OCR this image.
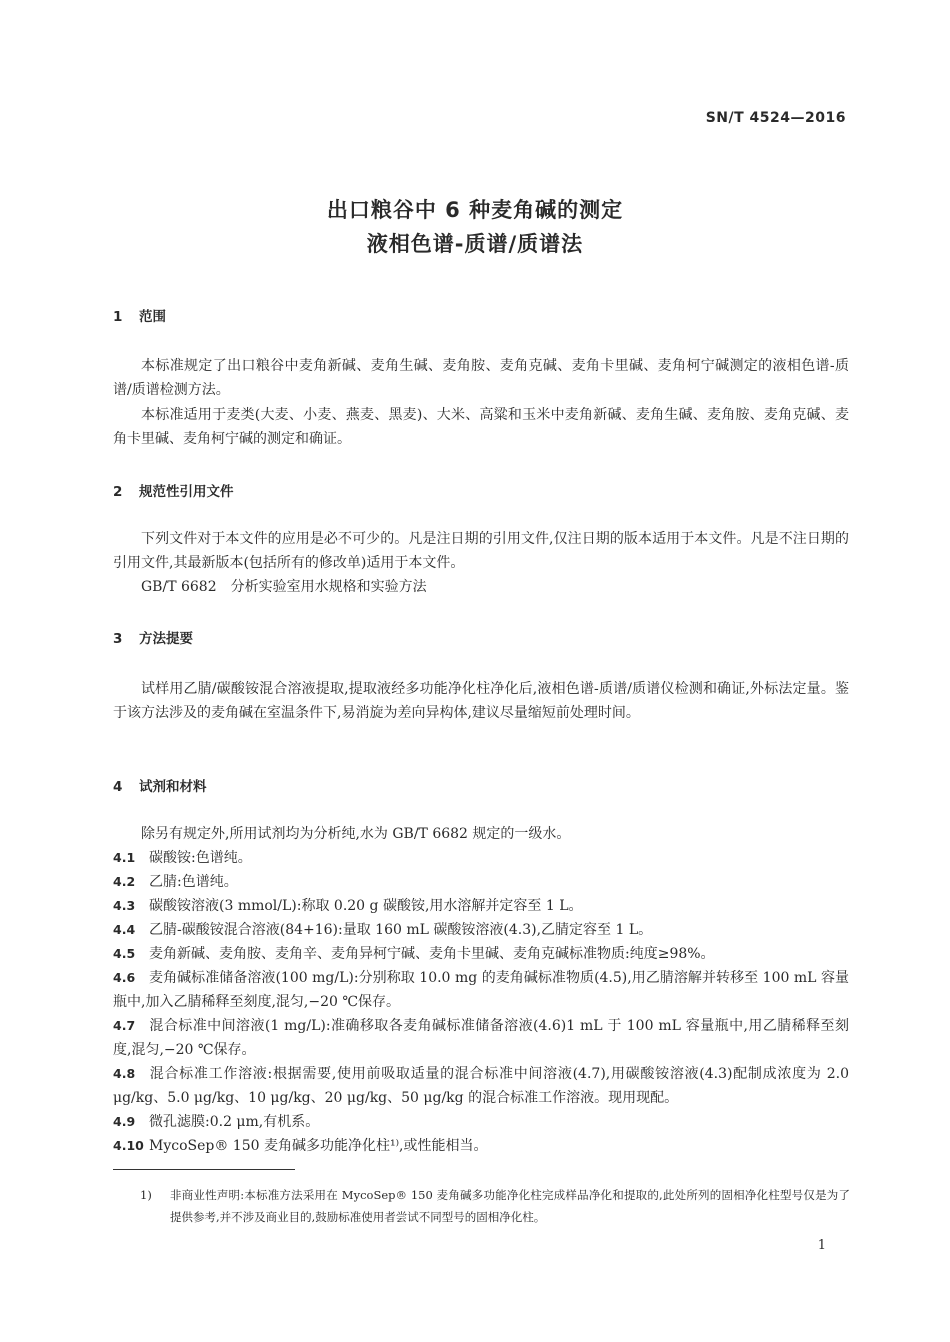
SN/T 4524—2016
出口粮谷中 6 种麦角碱的测定
液相色谱-质谱/质谱法
1 范围
本标准规定了出口粮谷中麦角新碱、麦角生碱、麦角胺、麦角克碱、麦角卡里碱、麦角柯宁碱测定的液相色谱-质谱/质谱检测方法。
本标准适用于麦类(大麦、小麦、燕麦、黑麦)、大米、高粱和玉米中麦角新碱、麦角生碱、麦角胺、麦角克碱、麦角卡里碱、麦角柯宁碱的测定和确证。
2 规范性引用文件
下列文件对于本文件的应用是必不可少的。凡是注日期的引用文件,仅注日期的版本适用于本文件。凡是不注日期的引用文件,其最新版本(包括所有的修改单)适用于本文件。
GB/T 6682　分析实验室用水规格和实验方法
3 方法提要
试样用乙腈/碳酸铵混合溶液提取,提取液经多功能净化柱净化后,液相色谱-质谱/质谱仪检测和确证,外标法定量。鉴于该方法涉及的麦角碱在室温条件下,易消旋为差向异构体,建议尽量缩短前处理时间。
4 试剂和材料
除另有规定外,所用试剂均为分析纯,水为 GB/T 6682 规定的一级水。
4.1 碳酸铵:色谱纯。
4.2 乙腈:色谱纯。
4.3 碳酸铵溶液(3 mmol/L):称取 0.20 g 碳酸铵,用水溶解并定容至 1 L。
4.4 乙腈-碳酸铵混合溶液(84+16):量取 160 mL 碳酸铵溶液(4.3),乙腈定容至 1 L。
4.5 麦角新碱、麦角胺、麦角辛、麦角异柯宁碱、麦角卡里碱、麦角克碱标准物质:纯度≥98%。
4.6 麦角碱标准储备溶液(100 mg/L):分别称取 10.0 mg 的麦角碱标准物质(4.5),用乙腈溶解并转移至 100 mL 容量瓶中,加入乙腈稀释至刻度,混匀,−20 ℃保存。
4.7 混合标准中间溶液(1 mg/L):准确移取各麦角碱标准储备溶液(4.6)1 mL 于 100 mL 容量瓶中,用乙腈稀释至刻度,混匀,−20 ℃保存。
4.8 混合标准工作溶液:根据需要,使用前吸取适量的混合标准中间溶液(4.7),用碳酸铵溶液(4.3)配制成浓度为 2.0 μg/kg、5.0 μg/kg、10 μg/kg、20 μg/kg、50 μg/kg 的混合标准工作溶液。现用现配。
4.9 微孔滤膜:0.2 μm,有机系。
4.10 MycoSep® 150 麦角碱多功能净化柱¹⁾,或性能相当。
1)	非商业性声明:本标准方法采用在 MycoSep® 150 麦角碱多功能净化柱完成样品净化和提取的,此处所列的固相净化柱型号仅是为了提供参考,并不涉及商业目的,鼓励标准使用者尝试不同型号的固相净化柱。
1
